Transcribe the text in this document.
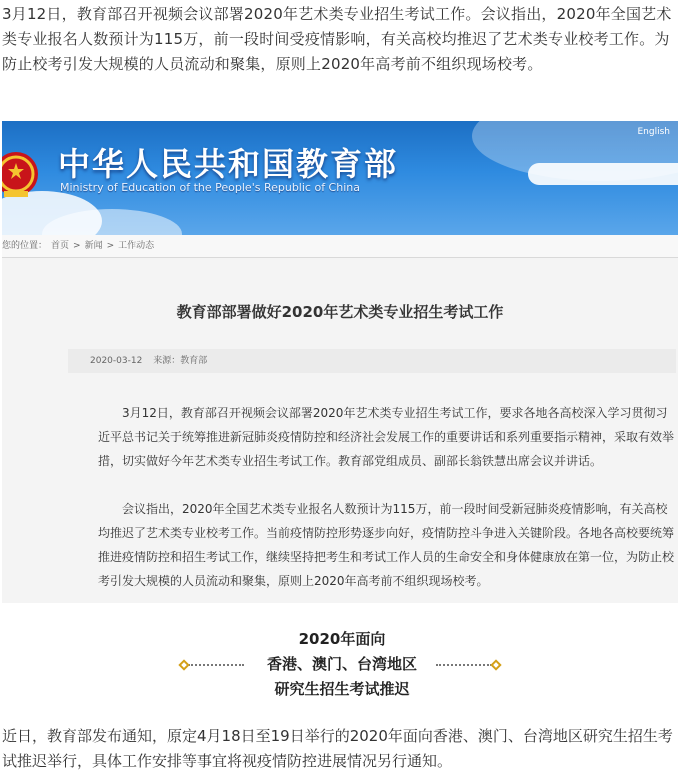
3月12日，教育部召开视频会议部署2020年艺术类专业招生考试工作。会议指出，2020年全国艺术类专业报名人数预计为115万，前一段时间受疫情影响，有关高校均推迟了艺术类专业校考工作。为防止校考引发大规模的人员流动和聚集，原则上2020年高考前不组织现场校考。
中华人民共和国教育部
Ministry of Education of the People's Republic of China
English
您的位置： 首页 > 新闻 > 工作动态
教育部部署做好2020年艺术类专业招生考试工作
2020-03-12 来源：教育部
3月12日，教育部召开视频会议部署2020年艺术类专业招生考试工作，要求各地各高校深入学习贯彻习近平总书记关于统筹推进新冠肺炎疫情防控和经济社会发展工作的重要讲话和系列重要指示精神，采取有效举措，切实做好今年艺术类专业招生考试工作。教育部党组成员、副部长翁铁慧出席会议并讲话。
会议指出，2020年全国艺术类专业报名人数预计为115万，前一段时间受新冠肺炎疫情影响，有关高校均推迟了艺术类专业校考工作。当前疫情防控形势逐步向好，疫情防控斗争进入关键阶段。各地各高校要统筹推进疫情防控和招生考试工作，继续坚持把考生和考试工作人员的生命安全和身体健康放在第一位，为防止校考引发大规模的人员流动和聚集，原则上2020年高考前不组织现场校考。
2020年面向
香港、澳门、台湾地区
研究生招生考试推迟
近日，教育部发布通知，原定4月18日至19日举行的2020年面向香港、澳门、台湾地区研究生招生考试推迟举行，具体工作安排等事宜将视疫情防控进展情况另行通知。
